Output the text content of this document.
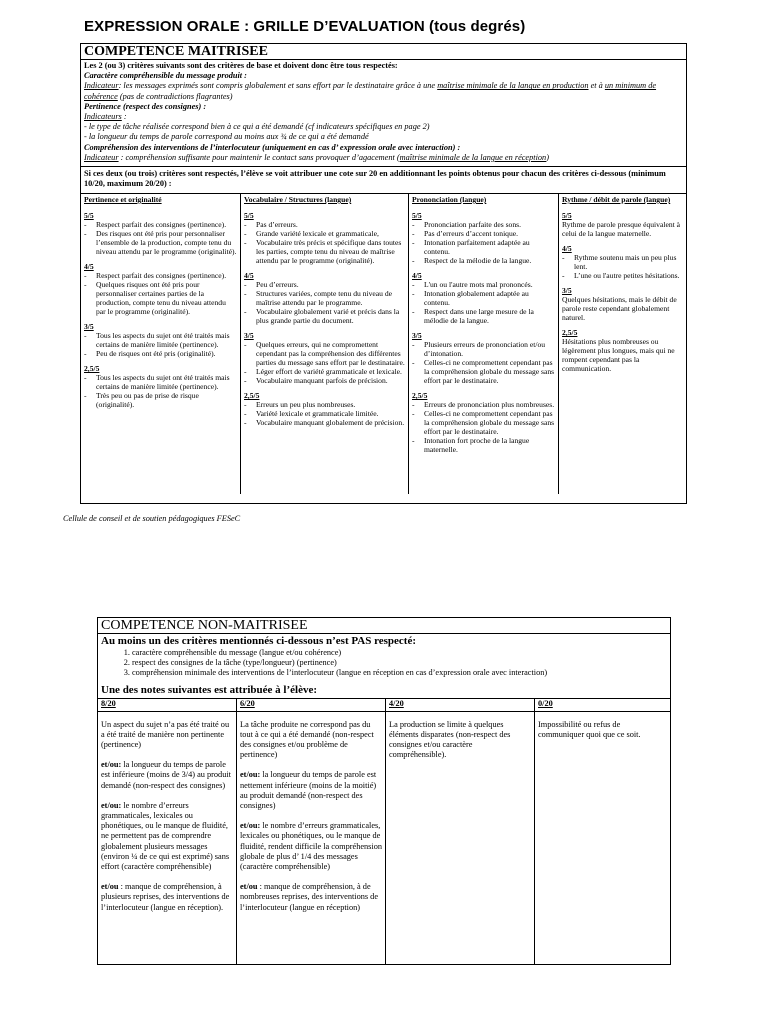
EXPRESSION ORALE : GRILLE D’EVALUATION (tous degrés)
COMPETENCE MAITRISEE
Les 2 (ou 3) critères suivants sont des critères de base et doivent donc être tous respectés:
Caractère compréhensible du message produit :
Indicateur: les messages exprimés sont compris globalement et sans effort par le destinataire grâce à une maîtrise minimale de la langue en production et à un minimum de cohérence (pas de contradictions flagrantes)
Pertinence (respect des consignes) :
Indicateurs :
- le type de tâche réalisée correspond bien à ce qui a été demandé (cf indicateurs spécifiques en page 2)
- la longueur du temps de parole correspond au moins aux ¾ de ce qui a été demandé
Compréhension des interventions de l’interlocuteur (uniquement en cas d’ expression orale avec interaction) :
Indicateur : compréhension suffisante pour maintenir le contact sans provoquer d’agacement (maîtrise minimale de la langue en réception)
Si ces deux (ou trois) critères sont respectés, l’élève se voit attribuer une cote sur 20 en additionnant les points obtenus pour chacun des critères ci-dessous (minimum 10/20, maximum 20/20) :
Pertinence et originalité
5/5
- Respect parfait des consignes (pertinence).
- Des risques ont été pris pour personnaliser l’ensemble de la production, compte tenu du niveau attendu par le programme (originalité).
4/5
- Respect parfait des consignes (pertinence).
- Quelques risques ont été pris pour personnaliser certaines parties de la production, compte tenu du niveau attendu par le programme (originalité).
3/5
- Tous les aspects du sujet ont été traités mais certains de manière limitée (pertinence).
- Peu de risques ont été pris (originalité).
2,5/5
- Tous les aspects du sujet ont été traités mais certains de manière limitée (pertinence).
- Très peu ou pas de prise de risque (originalité).
Vocabulaire / Structures (langue)
5/5
- Pas d’erreurs.
- Grande variété lexicale et grammaticale,
- Vocabulaire très précis et spécifique dans toutes les parties, compte tenu du niveau de maîtrise attendu par le programme (originalité).
4/5
- Peu d’erreurs.
- Structures variées, compte tenu du niveau de maîtrise attendu par le programme.
- Vocabulaire globalement varié et précis dans la plus grande partie du document.
3/5
- Quelques erreurs, qui ne compromettent cependant pas la compréhension des différentes parties du message sans effort par le destinataire.
- Léger effort de variété grammaticale et lexicale.
- Vocabulaire manquant parfois de précision.
2,5/5
- Erreurs un peu plus nombreuses.
- Variété lexicale et grammaticale limitée.
- Vocabulaire manquant globalement de précision.
Prononciation (langue)
5/5
- Prononciation parfaite des sons.
- Pas d’erreurs d’accent tonique.
- Intonation parfaitement adaptée au contenu.
- Respect de la mélodie de la langue.
4/5
- L'un ou l'autre mots mal prononcés.
- Intonation globalement adaptée au contenu.
- Respect dans une large mesure de la mélodie de la langue.
3/5
- Plusieurs erreurs de prononciation et/ou d’intonation.
- Celles-ci ne compromettent cependant pas la compréhension globale du message sans effort par le destinataire.
2,5/5
- Erreurs de prononciation plus nombreuses.
- Celles-ci ne compromettent cependant pas la compréhension globale du message sans effort par le destinataire.
- Intonation fort proche de la langue maternelle.
Rythme / débit de parole (langue)
5/5

Rythme de parole presque équivalent à celui de la langue maternelle.

4/5
- Rythme soutenu mais un peu plus lent.
- L’une ou l'autre petites hésitations.
3/5

Quelques hésitations, mais le débit de parole reste cependant globalement naturel.

2,5/5

Hésitations plus nombreuses ou légèrement plus longues, mais qui ne rompent cependant pas la communication.

Cellule de conseil et de soutien pédagogiques FESeC
COMPETENCE NON-MAITRISEE
Au moins un des critères mentionnés ci-dessous n’est PAS respecté:
1. caractère compréhensible du message (langue et/ou cohérence)
2. respect des consignes de la tâche (type/longueur) (pertinence)
3. compréhension minimale des interventions de l’interlocuteur (langue en réception en cas d’expression orale avec interaction)
Une des notes suivantes est attribuée à l’élève:
8/20

Un aspect du sujet n’a pas été traité ou a été traité de manière non pertinente (pertinence)

et/ou: la longueur du temps de parole est inférieure (moins de 3/4) au produit demandé (non-respect des consignes)

et/ou: le nombre d’erreurs grammaticales, lexicales ou phonétiques, ou le manque de fluidité, ne permettent pas de comprendre globalement plusieurs messages (environ ¼ de ce qui est exprimé) sans effort (caractère compréhensible)

et/ou : manque de compréhension, à plusieurs reprises, des interventions de l’interlocuteur (langue en réception).

6/20

La tâche produite ne correspond pas du tout à ce qui a été demandé (non-respect des consignes et/ou problème de pertinence)

et/ou: la longueur du temps de parole est nettement inférieure (moins de la moitié) au produit demandé (non-respect des consignes)

et/ou: le nombre d’erreurs grammaticales, lexicales ou phonétiques, ou le manque de fluidité, rendent difficile la compréhension globale de plus d’ 1/4 des messages (caractère compréhensible)

et/ou : manque de compréhension, à de nombreuses reprises, des interventions de l’interlocuteur (langue en réception)

4/20

La production se limite à quelques éléments disparates (non-respect des consignes et/ou caractère compréhensible).

0/20

Impossibilité ou refus de communiquer quoi que ce soit.
